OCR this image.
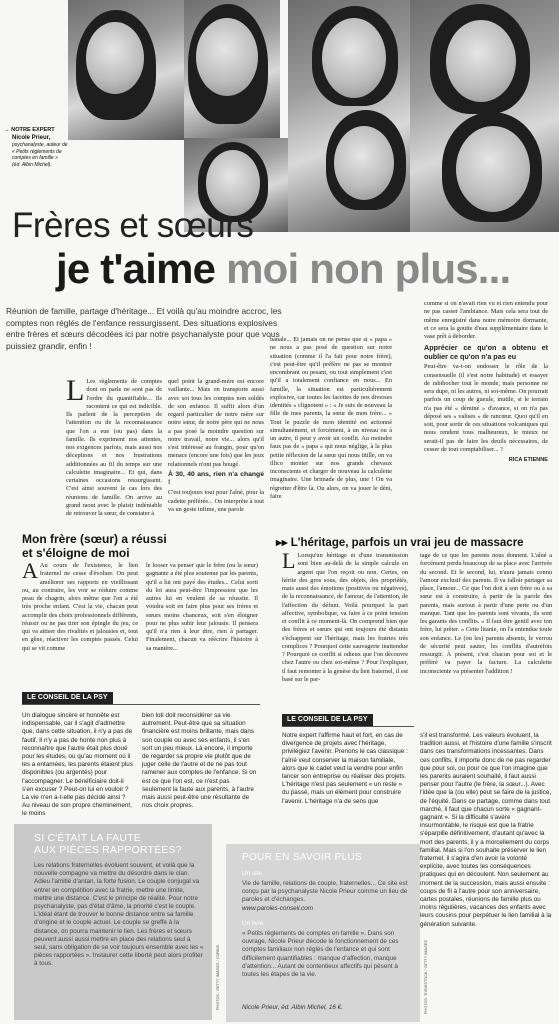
→ NOTRE EXPERT
Nicole Prieur,
psychanalyste, auteur de « Petits règlements de comptes en famille »
(éd. Albin Michel).
Frères et sœurs
je t'aime moi non plus...
Réunion de famille, partage d'héritage... Et voilà qu'au moindre accroc, les comptes non réglés de l'enfance ressurgissent. Des situations explosives entre frères et sœurs décodées ici par notre psychanalyste pour que vous puissiez grandir, enfin !
L Les règlements de comptes dont on parle ne sont pas de l'ordre du quantifiable... Ils racontent ce qui est indicible. Ils parlent de la perception de l'attention ou de la reconnaissance que l'on a eue (ou pas) dans la famille. Ils expriment nos attentes, nos exigences parfois, mais aussi nos déceptions et nos frustrations additionnées au fil du temps sur une calculette imaginaire... Et qui, dans certaines occasions ressurgissent. C'est ainsi souvent le cas lors des réunions de famille. On arrive au grand raout avec le plaisir indéniable de retrouver la sœur, de constater à

quel point la grand-mère est encore vaillante... Mais on transporte aussi avec soi tous les comptes non soldés de son enfance. Il suffit alors d'un regard particulier de notre mère sur notre sœur, de notre père qui ne nous a pas posé la moindre question sur notre travail, notre vie... alors qu'il s'est intéressé au frangin, pour qu'on menace (encore une fois) que les jeux relationnels n'ont pas bougé.

À 30, 40 ans, rien n'a changé !

C'est toujours tout pour l'aîné, pour la cadette préférée... On interprète à tout va un geste infime, une parole

banale... Et jamais on ne pense que si « papa » ne nous a pas posé de question sur notre situation (comme il l'a fait pour notre frère), c'est peut-être qu'il préfère ne pas se montrer encombrant ou pesant, ou tout simplement c'est qu'il a totalement confiance en nous... En famille, la situation est particulièrement explosive, car toutes les facettes de nos diverses identités « clignotent » : « Je suis de nouveau la fille de mes parents, la sœur de mon frère... » Tout le puzzle de mon identité est actionné simultanément, et forcément, à un niveau ou à un autre, il peut y avoir un conflit. Au moindre faux pas de « papa » qui nous néglige, à la plus petite réflexion de la sœur qui nous titille, on va illico monter sur nos grands chevaux inconscients et charger de nouveau la calculette imaginaire. Une brimade de plus, une ! On va régretter d'être là. Ou alors, on va jouer le déni, faire

comme si on n'avait rien vu et rien entendu pour ne pas casser l'ambiance. Mais cela sera tout de même enregistré dans notre mémoire dormante, et ce sera la goutte d'eau supplémentaire dans le vase prêt à déborder.

Apprécier ce qu'on a obtenu et oublier ce qu'on n'a pas eu

Peut-être va-t-on endosser le rôle de la consensuelle (il s'est notre habitude) et essayer de rabibocher tout le monde, mais personne ne sera dupe, ni les autres, ni soi-même. On pourrait parfois un coup de gueule, inutile, si le terrain n'a pas été « déminé » d'avance, si on n'a pas déposé ses « valises » de rancœur. Quoi qu'il en soit, pour sortir de ces situations volcaniques qui nous rendent tous malheureux, le mieux ne serait-il pas de faire les deuils nécessaires, de cesser de tout comptabiliser... ?

RICA ETIENNE

Mon frère (sœur) a réussi
et s'éloigne de moi
A Au cours de l'existence, le lien fraternel ne cesse d'évoluer. On peut améliorer ses rapports en vieillissant ou, au contraire, les voir se réduire comme peau de chagrin, alors même que l'on a été très proche enfant. C'est la vie, chacun peut accomplir des choix professionnels différents, réussir ou ne pas tirer son épingle du jeu, ce qui va attiser des rivalités et jalousies et, tout en gêne, réactiver les comptes passés. Celui qui se vit comme
le looser va penser que le frère (ou la sœur) gagnante a été plus soutenue par les parents, qu'il a lui ont payé des études... Celui sorti du lot aura peut-être l'impression que les autres lui en veulent de sa réussite. Il voudra soit en faire plus pour ses frères et sœurs moins chanceux, soit s'en éloigner pour ne plus subir leur jalousie. Il pensera qu'il n'a rien à leur dire, rien à partager. Finalement, chacun va réécrire l'histoire à sa manière...
LE CONSEIL DE LA PSY
Un dialogue sincère et honnête est indispensable, car il s'agit d'admettre que, dans cette situation, il n'y a pas de fautif. Il n'y a pas de honte non plus à reconnaître que l'autre était plus doué pour les études, ou qu'au moment où il les a entamées, les parents étaient plus disponibles (ou argentés) pour l'accompagner. Le bénéficiaire doit-il s'en excuser ? Peut-on lui en vouloir ? La vie n'en a-t-elle pas décidé ainsi ? Au niveau de son propre cheminement, le moins
bien loti doit reconsidérer sa vie autrement. Peut-être que sa situation financière est moins brillante, mais dans son couple ou avec ses enfants, il s'en sort un peu mieux. Là encore, il importe de regarder sa propre vie plutôt que de juger celle de l'autre et de ne pas tout ramener aux comptes de l'enfance. Si on est ce que l'on est, ce n'est pas seulement la faute aux parents, à l'autre mais aussi peut-être une résultante de nos choix propres.
SI C'ÉTAIT LA FAUTE
AUX PIÈCES RAPPORTÉES?
Les relations fraternelles évoluent souvent, et voilà que la nouvelle compagne va mettre du désordre dans le clan. Adieu l'amitié d'antan, la forte fusion. Le couple conjugal va entrer en compétition avec la fratrie, mettre une limite, mettre une distance. C'est le principe de réalité. Pour notre psychanalyste, pas d'état d'âme, la priorité c'est le couple. L'idéal étant de trouver le bonne distance entre sa famille d'origine et le couple actuel. Le couple se greffe à la distance, on pourra maintenir le lien. Les frères et sœurs peuvent aussi aussi mettre en place des relations seul à seul, sans obligation de se voir toujours ensemble avec les « pièces rapportées ». Instaurer cette liberté peut alors profiter à tous.	PHOTOS : GETTY IMAGES / CORBIS
▸▸ L'héritage, parfois un vrai jeu de massacre
L Lorsqu'un héritage et d'une transmission sont bien au-delà de la simple calcule en argent que l'on reçoit ou non. Certes, on hérite des gros sous, des objets, des propriétés, mais aussi des émotions (positives ou négatives), de la reconnaissance, de l'amour, de l'attention, de l'affection du défunt. Voilà pourquoi la part affective, symbolique, va faire à ce point tension et conflit à ce moment-là. On comprend bien que des frères et sœurs qui ont toujours été distants s'échappent sur l'héritage, mais les fratries très complices ? Pourquoi cette sauvagerie inattendue ? Pourquoi ce conflit si odieux que l'on découvre chez l'autre ou chez soi-même ? Pour l'expliquer, il faut remonter à la genèse du lien fraternel, il est basé sur le par-
tage de ce que les parents nous donnent. L'aîné a forcément perdu beaucoup de sa place avec l'arrivée du second. Et le second, lui, n'aura jamais connu l'amour exclusif des parents. Il va falloir partager sa place, l'amour... Ce que l'on doit à son frère ou à sa sœur est à construire, à partir de la parole des parents, mais surtout à partir d'une perte ou d'un manque. Tant que les parents sont vivants, ils sont les garants des conflits. « Il faut être gentil avec ton frère, lui prêter. » Cette litanie, on l'a entendue toute son enfance. Le (ou les) parents absents, le verrou de sécurité peut sauter, les conflits d'autrefois ressurgir. À présent, c'est chacun pour soi et le préféré va payer la facture. La calculette inconsciente va présenter l'addition !
LE CONSEIL DE LA PSY
Notre expert l'affirme haut et fort, en cas de divergence de projets avec l'héritage, privilégiez l'avenir. Prenons le cas classique : l'aîné veut conserver la maison familiale, alors que le cadet veut la vendre pour enfin lancer son entreprise ou réaliser des projets. L'héritage n'est pas seulement « un reste » du passé, mais un élément pour construire l'avenir. L'héritage n'a de sens que
s'il est transformé. Les valeurs évoluent, la tradition aussi, et l'histoire d'une famille s'inscrit dans ces transformations incessantes. Dans ces conflits, il importe donc de ne pas regarder que pour soi, ou pour ce que l'on imagine que les parents auraient souhaité, il faut aussi penser pour l'autre (le frère, la sœur...). Avec l'idée que la (ou elle) peut se faire de la justice, de l'équité. Dans ce partage, comme dans tout marché, il faut que chacun sorte « gagnant-gagnant ». Si la difficulté s'avère insurmontable, le risque est que la fratrie s'éparpille définitivement, d'autant qu'avec la mort des parents, il y a morcellement du corps familial. Mais si l'on souhaite préserver le lien fraternel, il s'agira d'en avoir la volonté explicite, avec toutes les conséquences pratiques qui en découlent. Non seulement au moment de la succession, mais aussi ensuite : coups de fil à l'autre pour son anniversaire, cartes postales, réunions de famille plus ou moins régulières, vacances des enfants avec leurs cousins pour perpétuer le lien familial à la génération suivante.
POUR EN SAVOIR PLUS
Un site
Vie de famille, relations de couple, fraternelles... Ce site est conçu par la psychanalyste Nicole Prieur comme un lieu de paroles et d'échanges.
www.paroles-conseil.com
Un livre
« Petits règlements de comptes en famille ». Dans son ouvrage, Nicole Prieur décode le fonctionnement de ces comptes familiaux non réglés de l'enfance et qui sont difficilement quantifiables : manque d'affection, manque d'attention... Autant de contentieux affectifs qui pèsent à toutes les étapes de la vie.
Nicole Prieur, éd. Albin Michel, 16 €.	PHOTOS: THINKSTOCK / GETTY IMAGES
